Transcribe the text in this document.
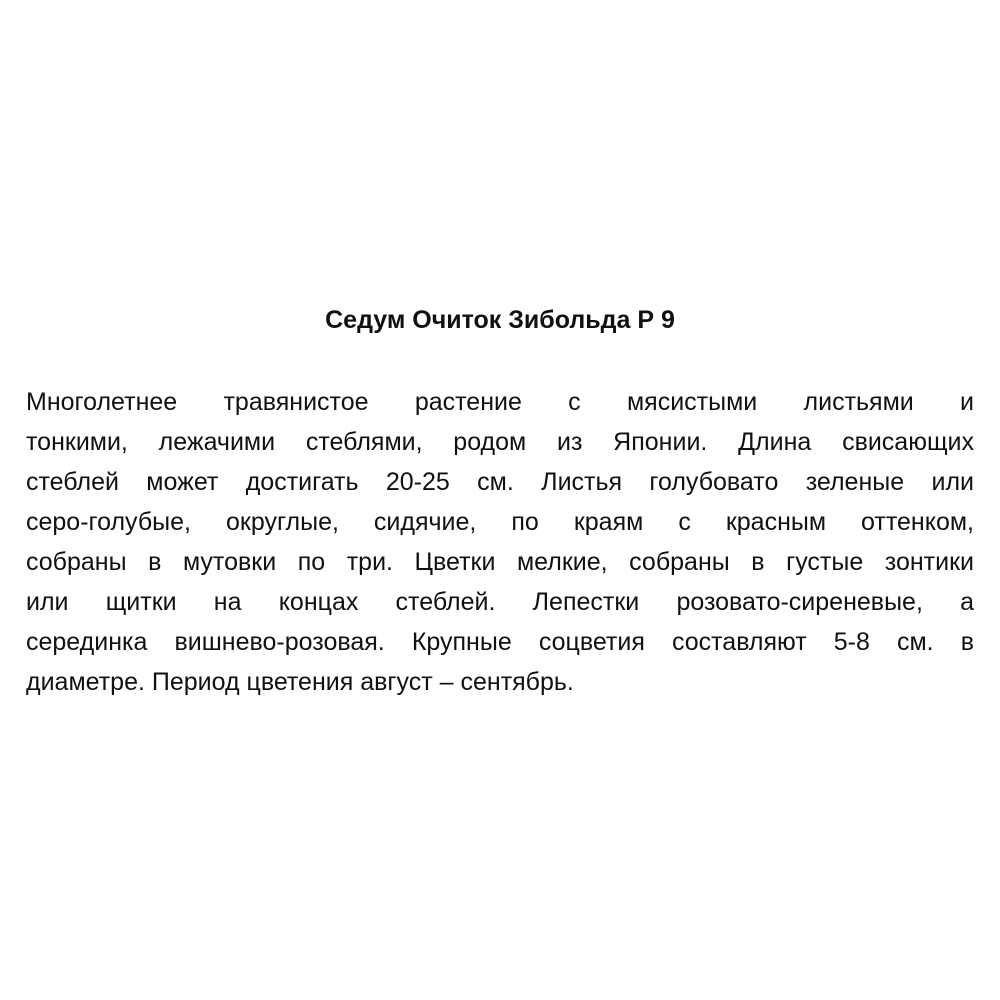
Седум Очиток Зибольда Р 9
Многолетнее травянистое растение с мясистыми листьями и
тонкими, лежачими стеблями, родом из Японии. Длина свисающих
стеблей может достигать 20-25 см. Листья голубовато зеленые или
серо-голубые, округлые, сидячие, по краям с красным оттенком,
собраны в мутовки по три. Цветки мелкие, собраны в густые зонтики
или щитки на концах стеблей. Лепестки розовато-сиреневые, а
серединка вишнево-розовая. Крупные соцветия составляют 5-8 см. в
диаметре. Период цветения август – сентябрь.
